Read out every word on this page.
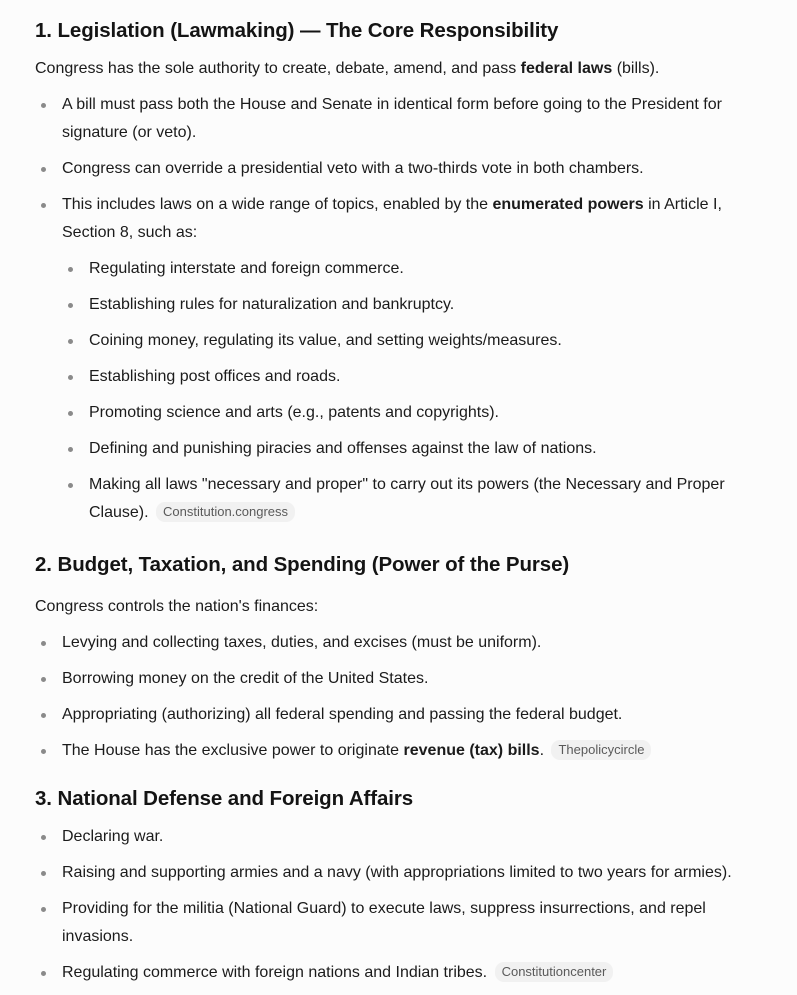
1. Legislation (Lawmaking) — The Core Responsibility

Congress has the sole authority to create, debate, amend, and pass federal laws (bills).

A bill must pass both the House and Senate in identical form before going to the President for signature (or veto).
Congress can override a presidential veto with a two-thirds vote in both chambers.
This includes laws on a wide range of topics, enabled by the enumerated powers in Article I, Section 8, such as:
Regulating interstate and foreign commerce.
Establishing rules for naturalization and bankruptcy.
Coining money, regulating its value, and setting weights/measures.
Establishing post offices and roads.
Promoting science and arts (e.g., patents and copyrights).
Defining and punishing piracies and offenses against the law of nations.
Making all laws "necessary and proper" to carry out its powers (the Necessary and Proper Clause). Constitution.congress
2. Budget, Taxation, and Spending (Power of the Purse)

Congress controls the nation's finances:

Levying and collecting taxes, duties, and excises (must be uniform).
Borrowing money on the credit of the United States.
Appropriating (authorizing) all federal spending and passing the federal budget.
The House has the exclusive power to originate revenue (tax) bills. Thepolicycircle
3. National Defense and Foreign Affairs
Declaring war.
Raising and supporting armies and a navy (with appropriations limited to two years for armies).
Providing for the militia (National Guard) to execute laws, suppress insurrections, and repel invasions.
Regulating commerce with foreign nations and Indian tribes. Constitutioncenter
